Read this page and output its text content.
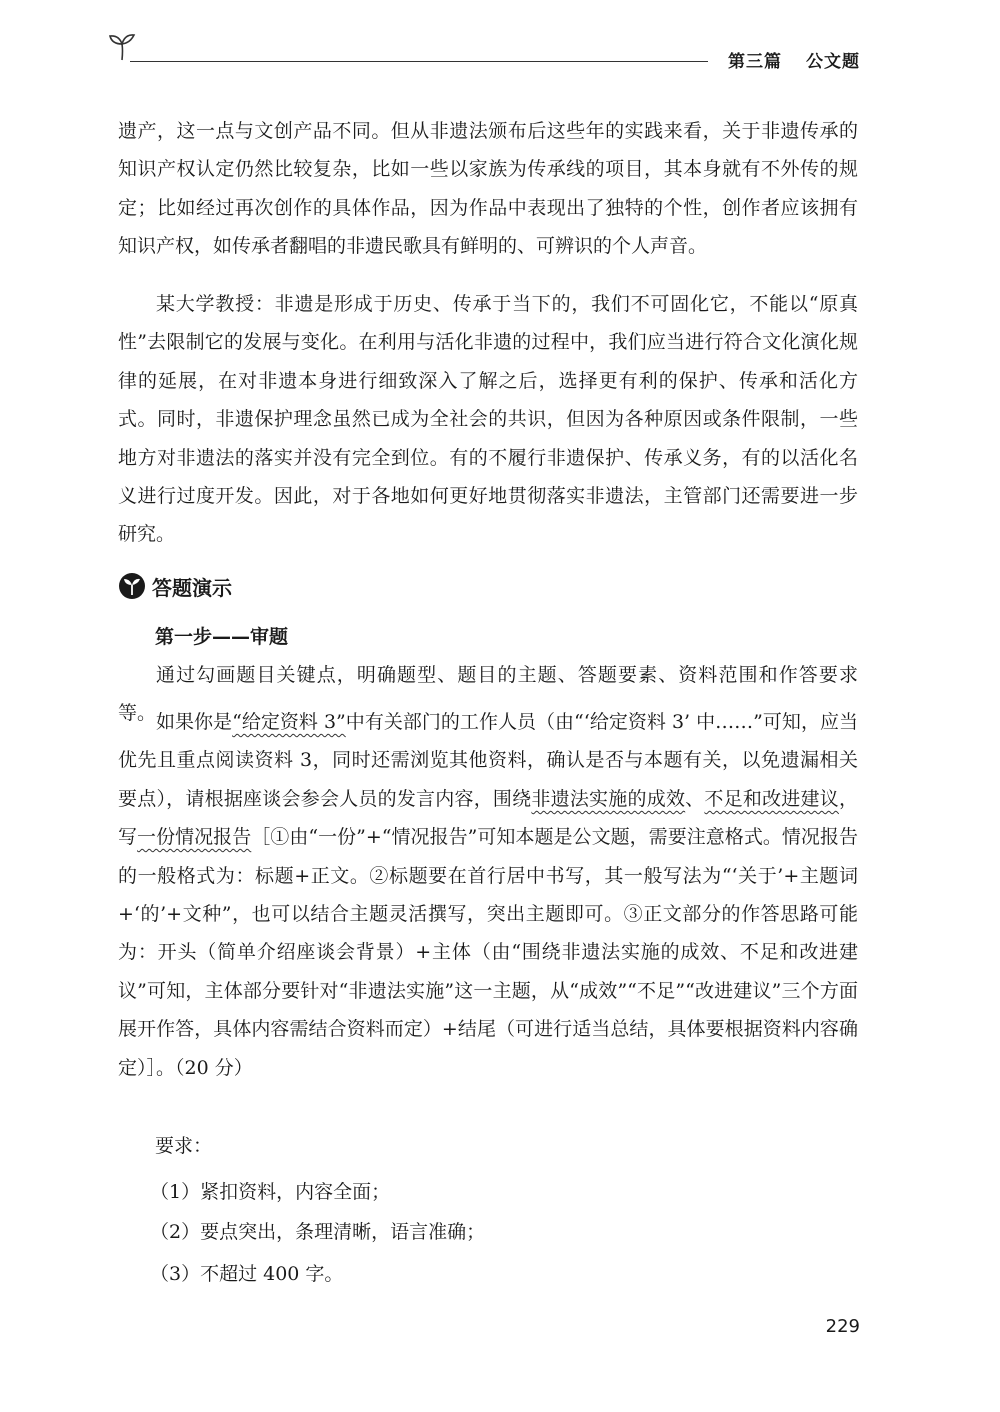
第三篇 公文题

遗产，这一点与文创产品不同。但从非遗法颁布后这些年的实践来看，关于非遗传承的知识产权认定仍然比较复杂，比如一些以家族为传承线的项目，其本身就有不外传的规定；比如经过再次创作的具体作品，因为作品中表现出了独特的个性，创作者应该拥有知识产权，如传承者翻唱的非遗民歌具有鲜明的、可辨识的个人声音。

某大学教授：非遗是形成于历史、传承于当下的，我们不可固化它，不能以“原真性”去限制它的发展与变化。在利用与活化非遗的过程中，我们应当进行符合文化演化规律的延展，在对非遗本身进行细致深入了解之后，选择更有利的保护、传承和活化方式。同时，非遗保护理念虽然已成为全社会的共识，但因为各种原因或条件限制，一些地方对非遗法的落实并没有完全到位。有的不履行非遗保护、传承义务，有的以活化名义进行过度开发。因此，对于各地如何更好地贯彻落实非遗法，主管部门还需要进一步研究。

答题演示
第一步——审题

通过勾画题目关键点，明确题型、题目的主题、答题要素、资料范围和作答要求等。 如果你是“给定资料 3”中有关部门的工作人员（由“‘给定资料 3’ 中……”可知，应当优先且重点阅读资料 3，同时还需浏览其他资料，确认是否与本题有关，以免遗漏相关要点），请根据座谈会参会人员的发言内容，围绕非遗法实施的成效、不足和改进建议，写一份情况报告［①由“一份”+“情况报告”可知本题是公文题，需要注意格式。情况报告的一般格式为：标题+正文。②标题要在首行居中书写，其一般写法为“‘关于’+主题词+‘的’+文种”，也可以结合主题灵活撰写，突出主题即可。③正文部分的作答思路可能为：开头（简单介绍座谈会背景）+主体（由“围绕非遗法实施的成效、不足和改进建议”可知，主体部分要针对“非遗法实施”这一主题，从“成效”“不足”“改进建议”三个方面展开作答，具体内容需结合资料而定）+结尾（可进行适当总结，具体要根据资料内容确定）］。（20 分）

要求：
（1）紧扣资料，内容全面；
（2）要点突出，条理清晰，语言准确；
（3）不超过 400 字。
229
